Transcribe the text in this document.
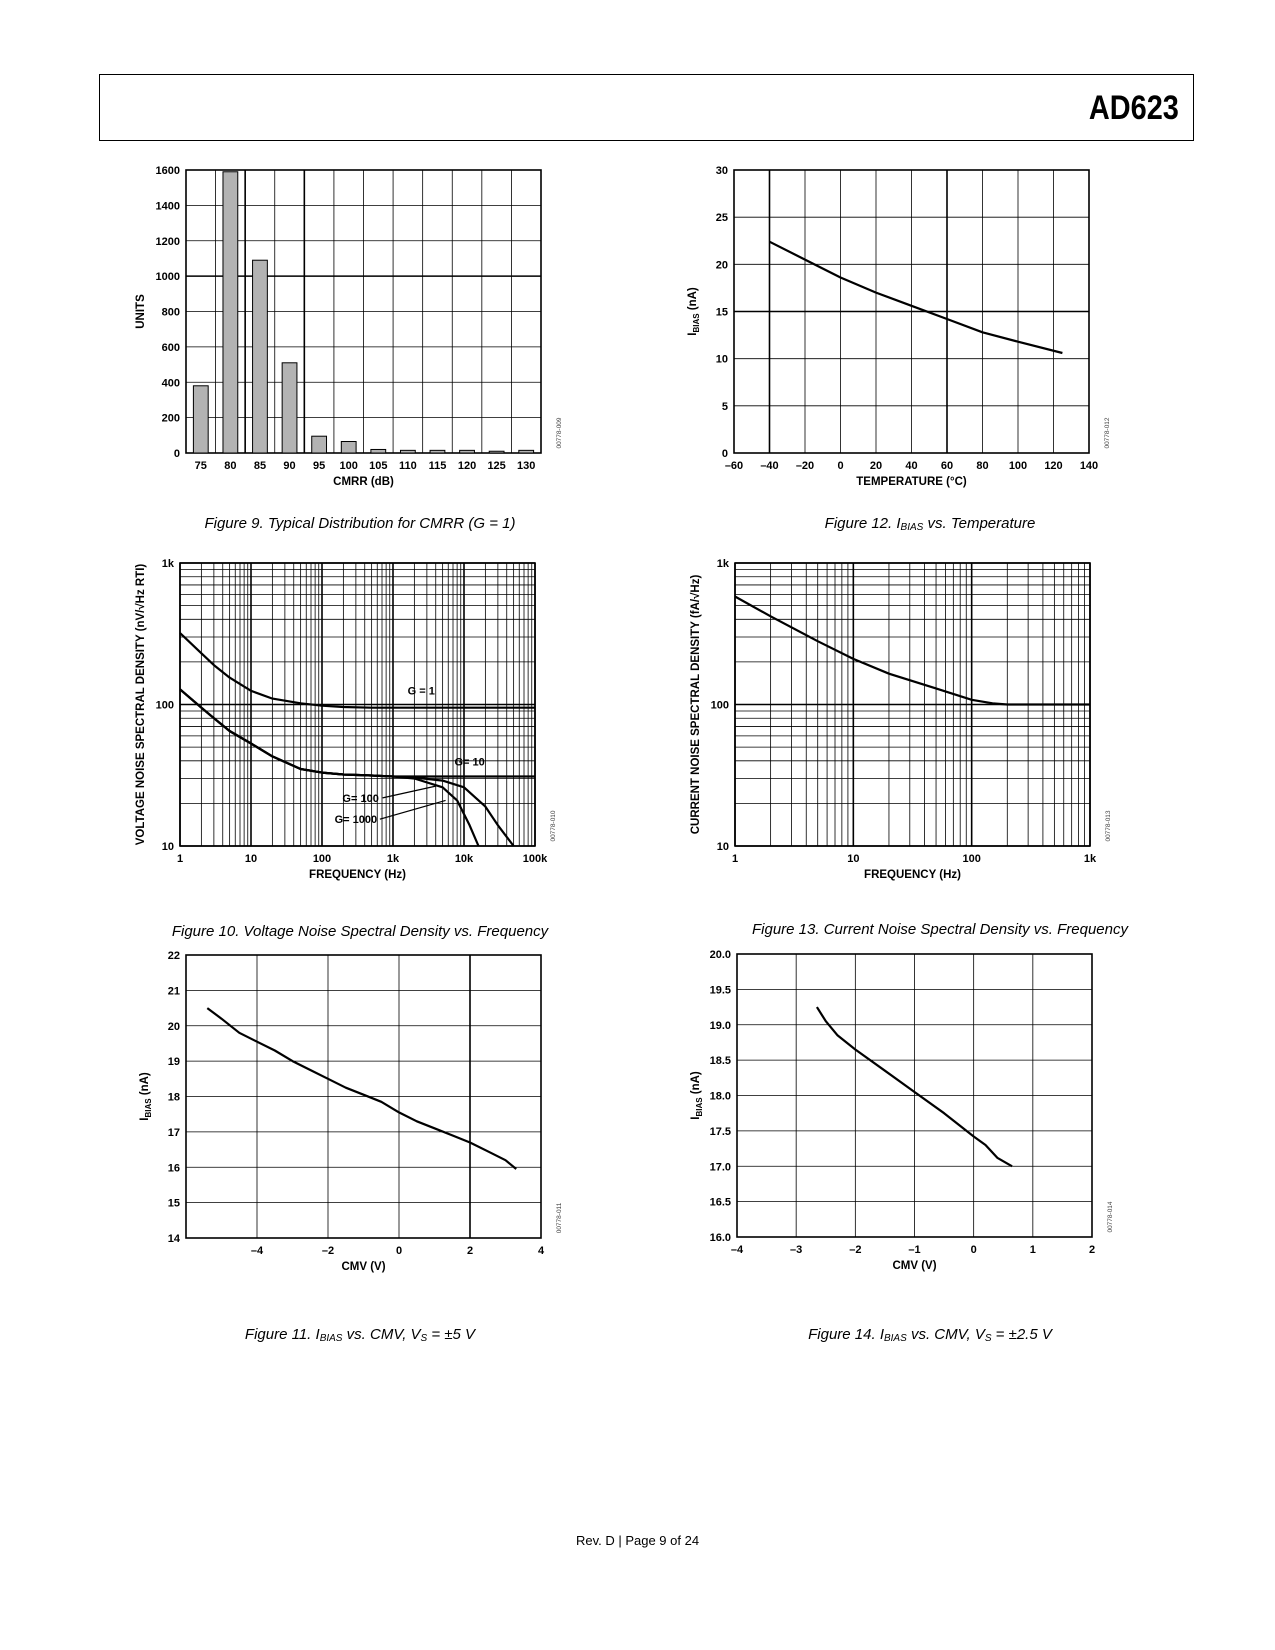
AD623
75 80 85 90 95 100 105 110 115 120 125 130
0
200
400
600
800
1000
1200
1400
1600
CMRR (dB)
UNITS
00778-009
Figure 9. Typical Distribution for CMRR (G = 1)
–60 –40 –20 0 20 40 60 80 100 120 140
0
5
10
15
20
25
30
TEMPERATURE (°C)
$I_{BIAS}$ (nA)
00778-012
Figure 12. $I_{BIAS}$ vs. Temperature
1	10	100	1k	10k	100k
10
100
1k
FREQUENCY (Hz)
VOLTAGE NOISE SPECTRAL DENSITY (nV/√Hz RTI)	00778-010
G = 1
G= 10
G= 100
G= 1000
Figure 10. Voltage Noise Spectral Density vs. Frequency
1	10	100	1k
10
100
1k
FREQUENCY (Hz)
CURRENT NOISE SPECTRAL DENSITY (fA/√Hz)	00778-013
Figure 13. Current Noise Spectral Density vs. Frequency
–4	–2	0	2	4
14
15
16
17
18
19
20
21
22
CMV (V)
$I_{BIAS}$ (nA)
00778-011
Figure 11. $I_{BIAS}$ vs. CMV, $V_S = \pm 5$ V
–4	–3	–2	–1	0	1	2
16.0
16.5
17.0
17.5
18.0
18.5
19.0
19.5
20.0
CMV (V)
$I_{BIAS}$ (nA)
00778-014
Figure 14. $I_{BIAS}$ vs. CMV, $V_S = \pm 2.5$ V
Rev. D | Page 9 of 24
